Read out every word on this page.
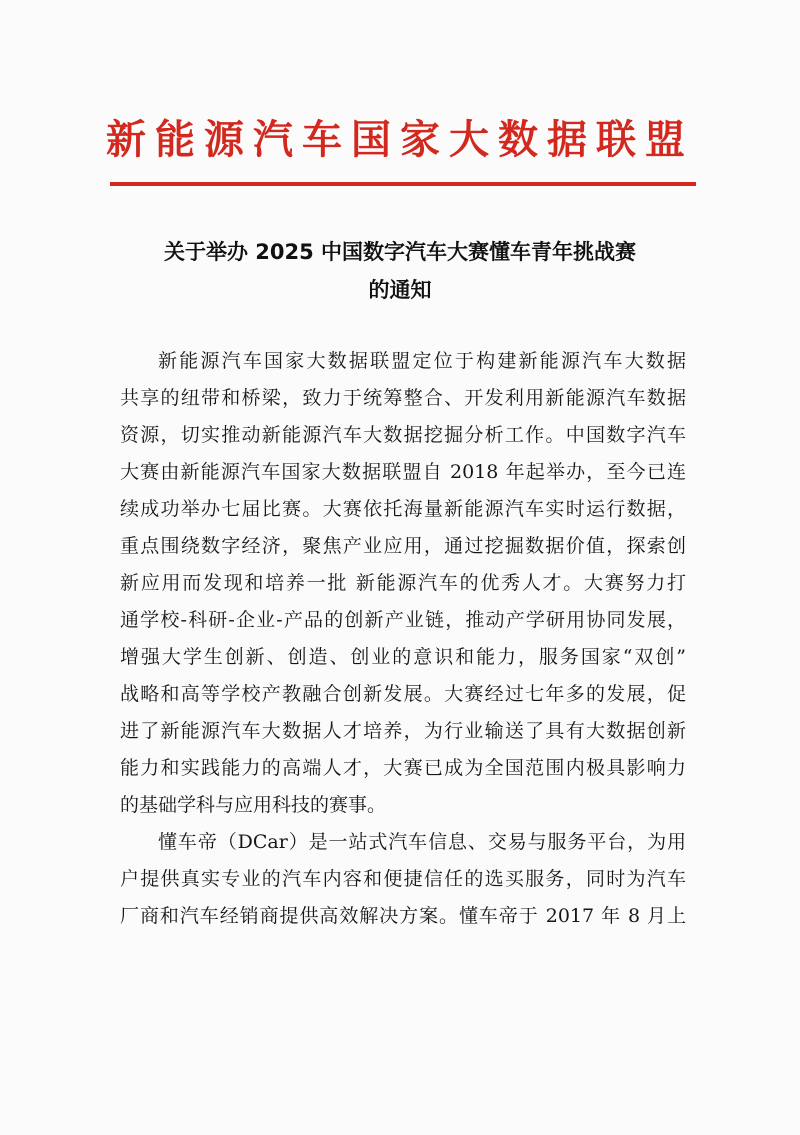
新能源汽车国家大数据联盟
关于举办 2025 中国数字汽车大赛懂车青年挑战赛
的通知
新能源汽车国家大数据联盟定位于构建新能源汽车大数据
共享的纽带和桥梁，致力于统筹整合、开发利用新能源汽车数据
资源，切实推动新能源汽车大数据挖掘分析工作。中国数字汽车
大赛由新能源汽车国家大数据联盟自 2018 年起举办，至今已连
续成功举办七届比赛。大赛依托海量新能源汽车实时运行数据，
重点围绕数字经济，聚焦产业应用，通过挖掘数据价值，探索创
新应用而发现和培养一批 新能源汽车的优秀人才。大赛努力打
通学校-科研-企业-产品的创新产业链，推动产学研用协同发展，
增强大学生创新、创造、创业的意识和能力，服务国家“双创”
战略和高等学校产教融合创新发展。大赛经过七年多的发展，促
进了新能源汽车大数据人才培养，为行业输送了具有大数据创新
能力和实践能力的高端人才，大赛已成为全国范围内极具影响力
的基础学科与应用科技的赛事。
懂车帝（DCar）是一站式汽车信息、交易与服务平台，为用
户提供真实专业的汽车内容和便捷信任的选买服务，同时为汽车
厂商和汽车经销商提供高效解决方案。懂车帝于 2017 年 8 月上
